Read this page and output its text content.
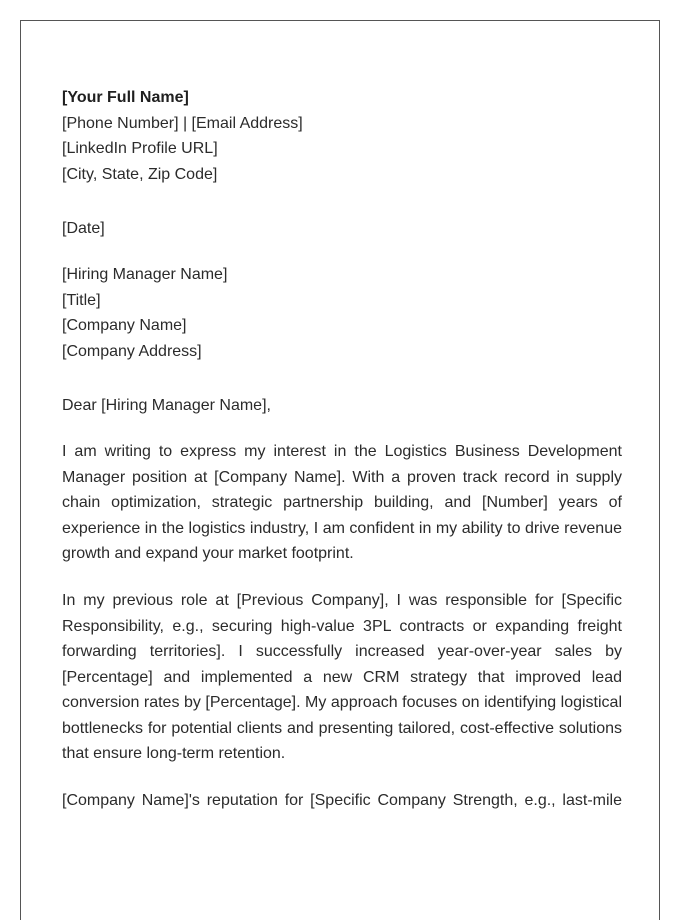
[Your Full Name]
[Phone Number] | [Email Address]
[LinkedIn Profile URL]
[City, State, Zip Code]
[Date]
[Hiring Manager Name]
[Title]
[Company Name]
[Company Address]
Dear [Hiring Manager Name],

I am writing to express my interest in the Logistics Business Development Manager position at [Company Name]. With a proven track record in supply chain optimization, strategic partnership building, and [Number] years of experience in the logistics industry, I am confident in my ability to drive revenue growth and expand your market footprint.

In my previous role at [Previous Company], I was responsible for [Specific Responsibility, e.g., securing high-value 3PL contracts or expanding freight forwarding territories]. I successfully increased year-over-year sales by [Percentage] and implemented a new CRM strategy that improved lead conversion rates by [Percentage]. My approach focuses on identifying logistical bottlenecks for potential clients and presenting tailored, cost-effective solutions that ensure long-term retention.

[Company Name]'s reputation for [Specific Company Strength, e.g., last-mile
